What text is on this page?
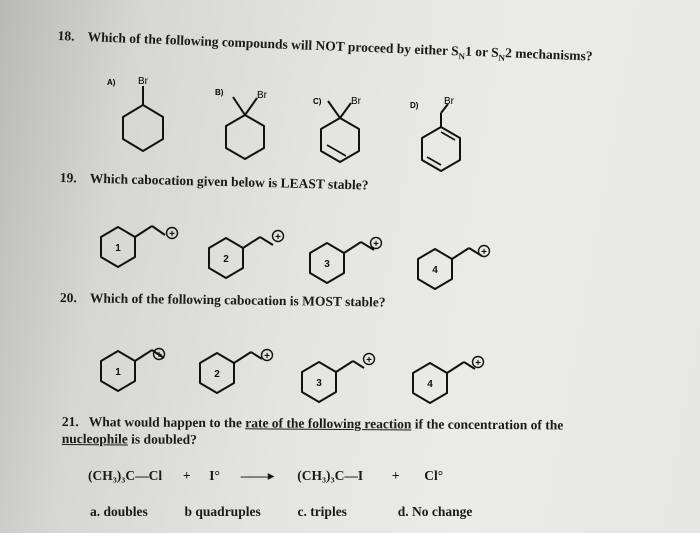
18. Which of the following compounds will NOT proceed by either $S_N1$ or $S_N2$ mechanisms?
19. Which cabocation given below is LEAST stable?
20. Which of the following cabocation is MOST stable?
21. What would happen to the rate of the following reaction if the concentration of the nucleophile is doubled?
(CH₃)₃C—Cl + I° ——▸ (CH₃)₃C—I + Cl°
a. doubles	b quadruples	c. triples	d. No change
A) Br
B)	Br
C)	Br	D)	Br
+	+
+
+
+	+	+	+
1
2	3
4
1	2
3	4
